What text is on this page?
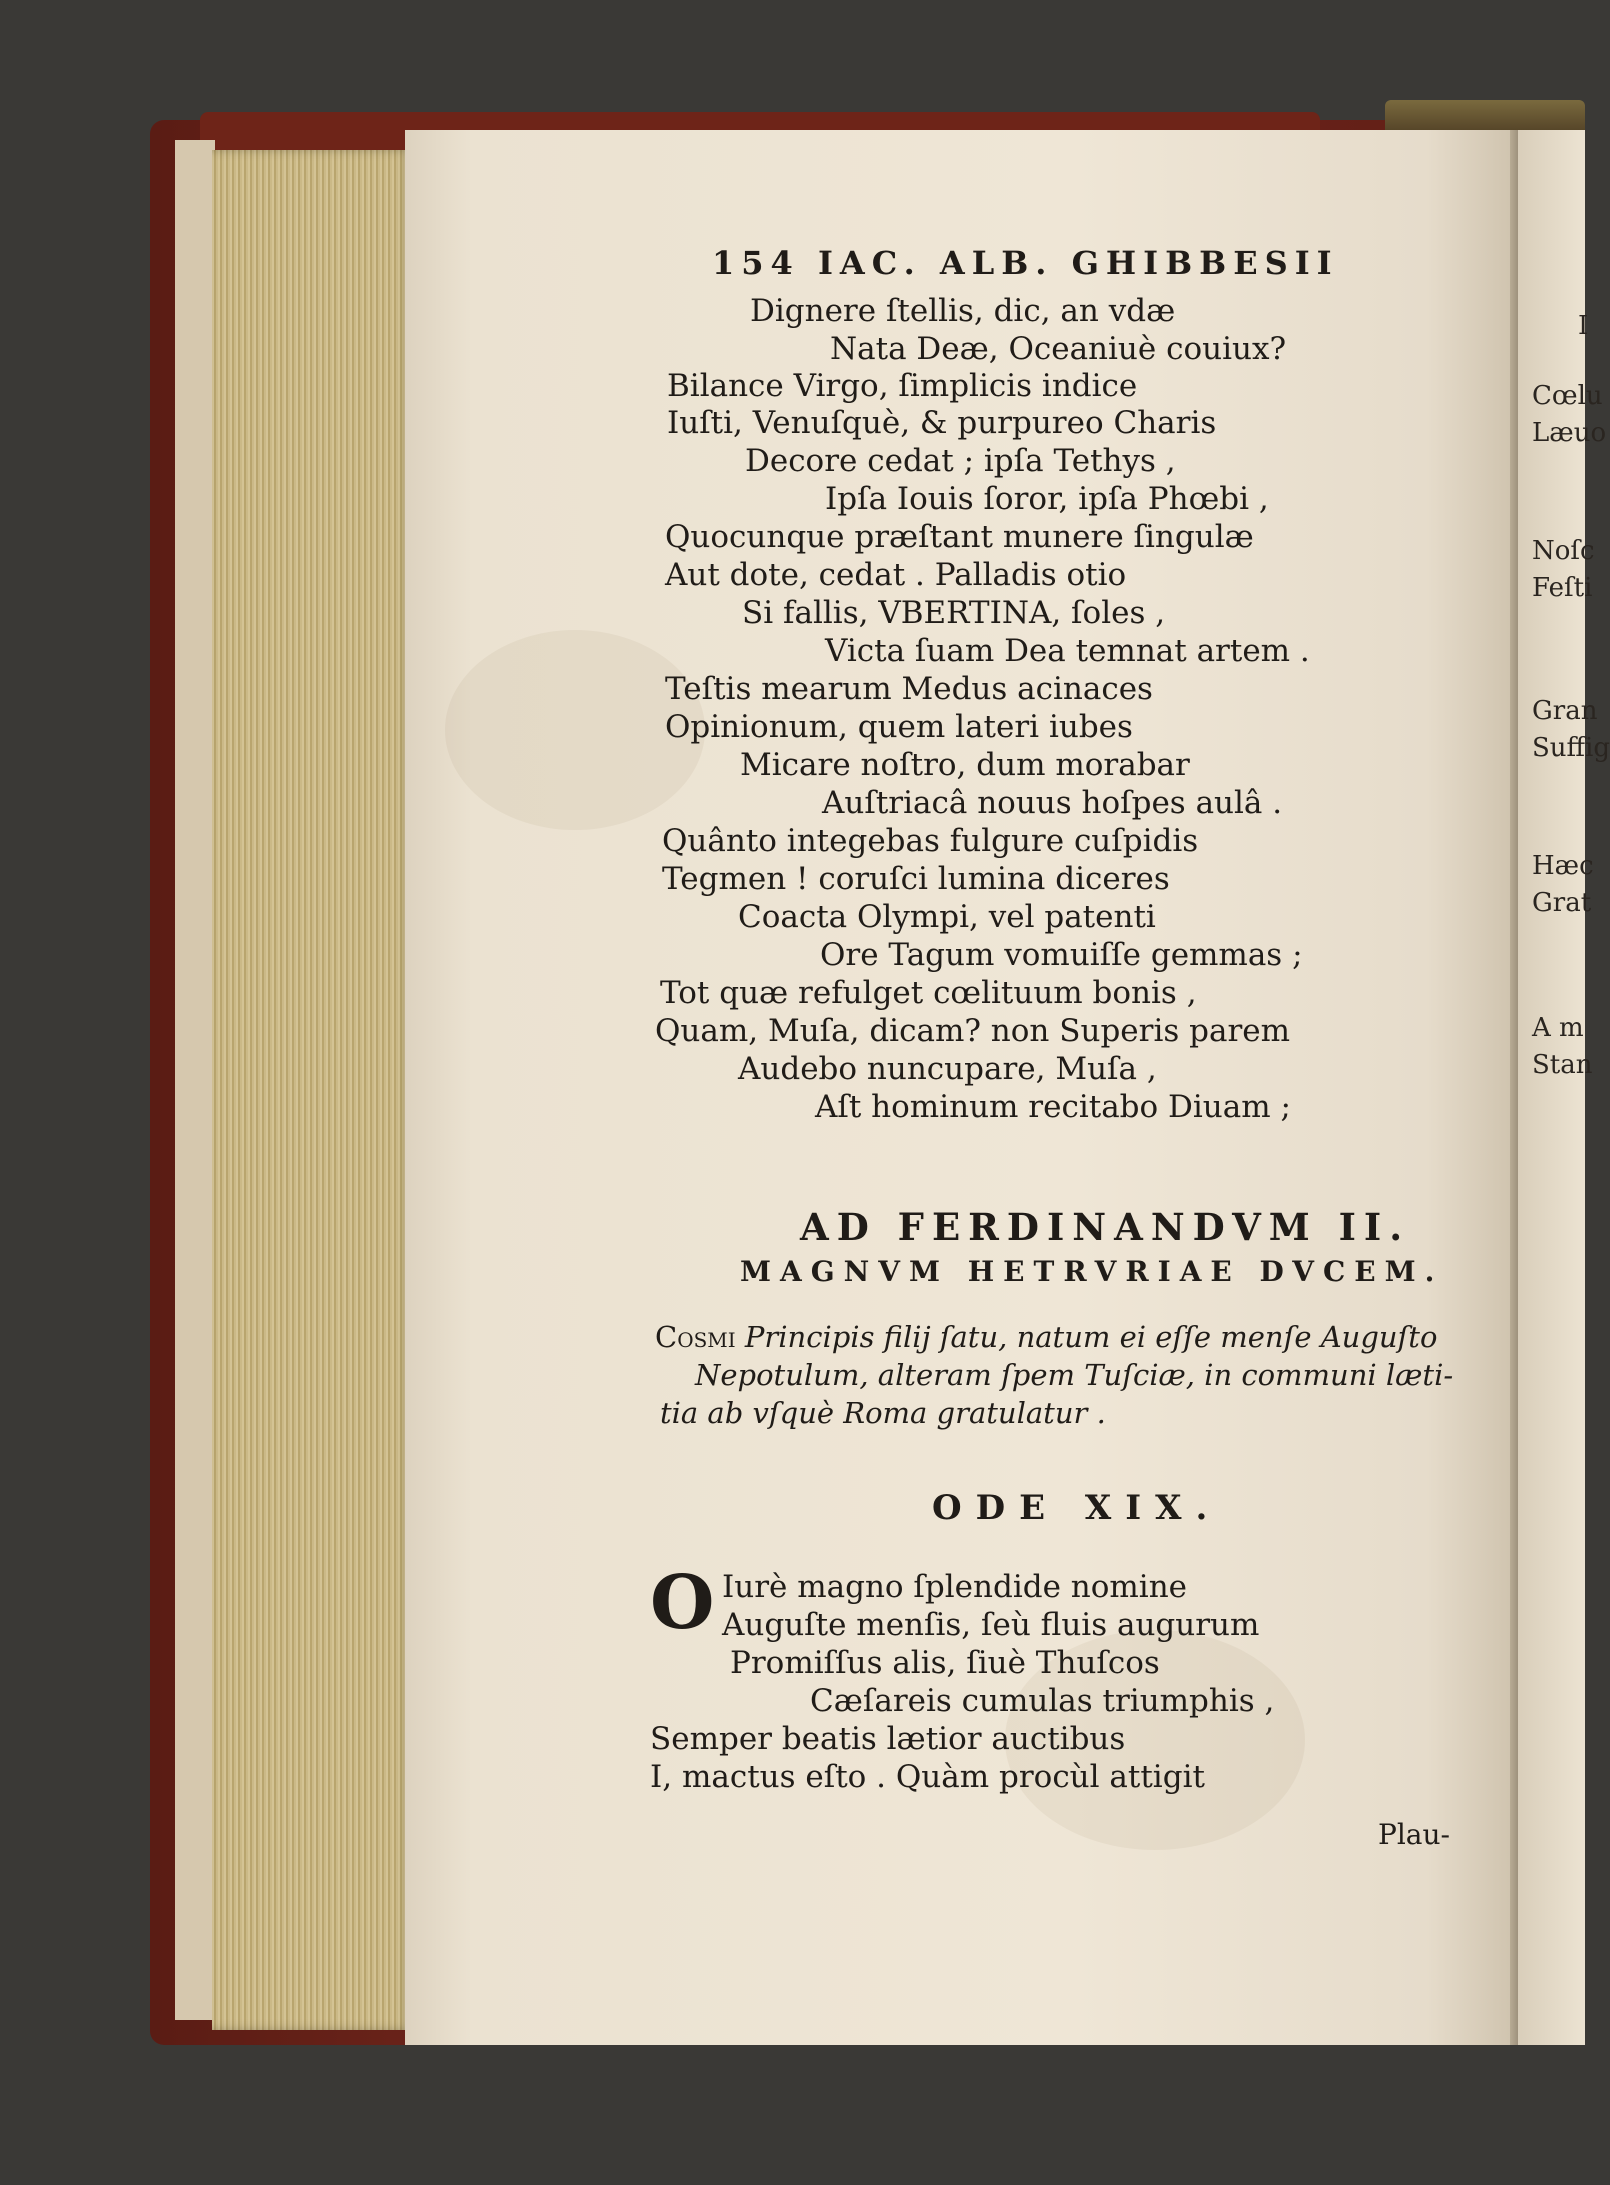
I
Cœlu
Læuo
Noſc
Feſti
Gran
Suffig
Hæc
Grat
A m
Stan
154 IAC. ALB. GHIBBESII
Dignere ſtellis, dic, an vdæ
Nata Deæ, Oceaniuè couiux?
Bilance Virgo, ſimplicis indice
Iuſti, Venuſquè, & purpureo Charis
Decore cedat ; ipſa Tethys ,
Ipſa Iouis ſoror, ipſa Phœbi ,
Quocunque præſtant munere ſingulæ
Aut dote, cedat . Palladis otio
Si fallis, VBERTINA, ſoles ,
Victa ſuam Dea temnat artem .
Teſtis mearum Medus acinaces
Opinionum, quem lateri iubes
Micare noſtro, dum morabar
Auſtriacâ nouus hoſpes aulâ .
Quânto integebas fulgure cuſpidis
Tegmen ! coruſci lumina diceres
Coacta Olympi, vel patenti
Ore Tagum vomuiſſe gemmas ;
Tot quæ refulget cœlituum bonis ,
Quam, Muſa, dicam? non Superis parem
Audebo nuncupare, Muſa ,
Aſt hominum recitabo Diuam ;
AD FERDINANDVM II.
MAGNVM HETRVRIAE DVCEM.
Cosmi Principis filij ſatu, natum ei eſſe menſe Auguſto
Nepotulum, alteram ſpem Tuſciæ, in communi læti-
tia ab vſquè Roma gratulatur .
ODE XIX.
O Iurè magno ſplendide nomine
Auguſte menſis, ſeù fluis augurum
Promiſſus alis, ſiuè Thuſcos
Cæſareis cumulas triumphis ,
Semper beatis lætior auctibus
I, mactus eſto . Quàm procùl attigit
Plau-
